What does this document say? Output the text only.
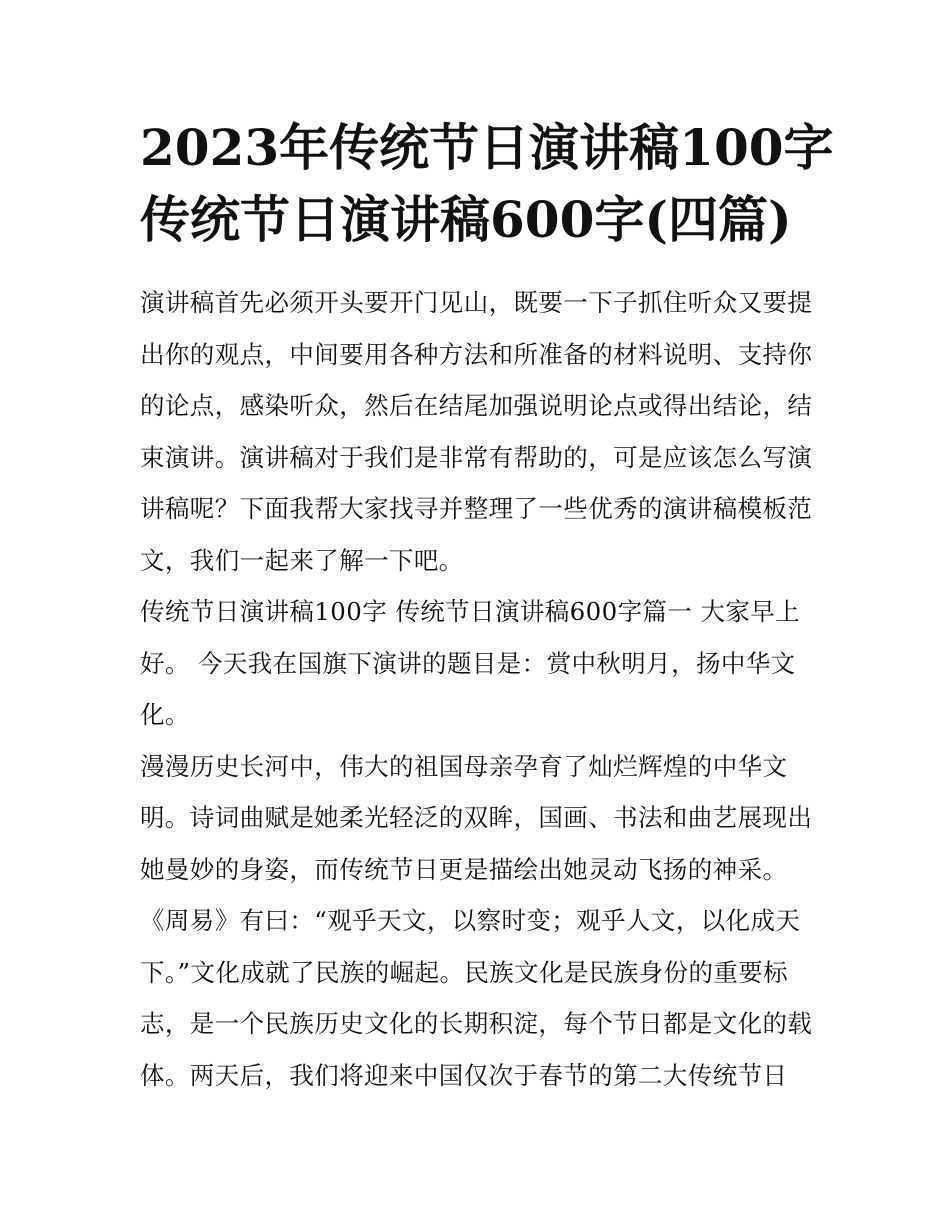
2023年传统节日演讲稿100字
传统节日演讲稿600字(四篇)
演讲稿首先必须开头要开门见山，既要一下子抓住听众又要提
出你的观点，中间要用各种方法和所准备的材料说明、支持你
的论点，感染听众，然后在结尾加强说明论点或得出结论，结
束演讲。演讲稿对于我们是非常有帮助的，可是应该怎么写演
讲稿呢？下面我帮大家找寻并整理了一些优秀的演讲稿模板范
文，我们一起来了解一下吧。
传统节日演讲稿100字 传统节日演讲稿600字篇一 大家早上
好。 今天我在国旗下演讲的题目是：赏中秋明月，扬中华文
化。
漫漫历史长河中，伟大的祖国母亲孕育了灿烂辉煌的中华文
明。诗词曲赋是她柔光轻泛的双眸，国画、书法和曲艺展现出
她曼妙的身姿，而传统节日更是描绘出她灵动飞扬的神采。
《周易》有曰：“观乎天文，以察时变；观乎人文，以化成天
下。”文化成就了民族的崛起。民族文化是民族身份的重要标
志，是一个民族历史文化的长期积淀，每个节日都是文化的载
体。两天后，我们将迎来中国仅次于春节的第二大传统节日
